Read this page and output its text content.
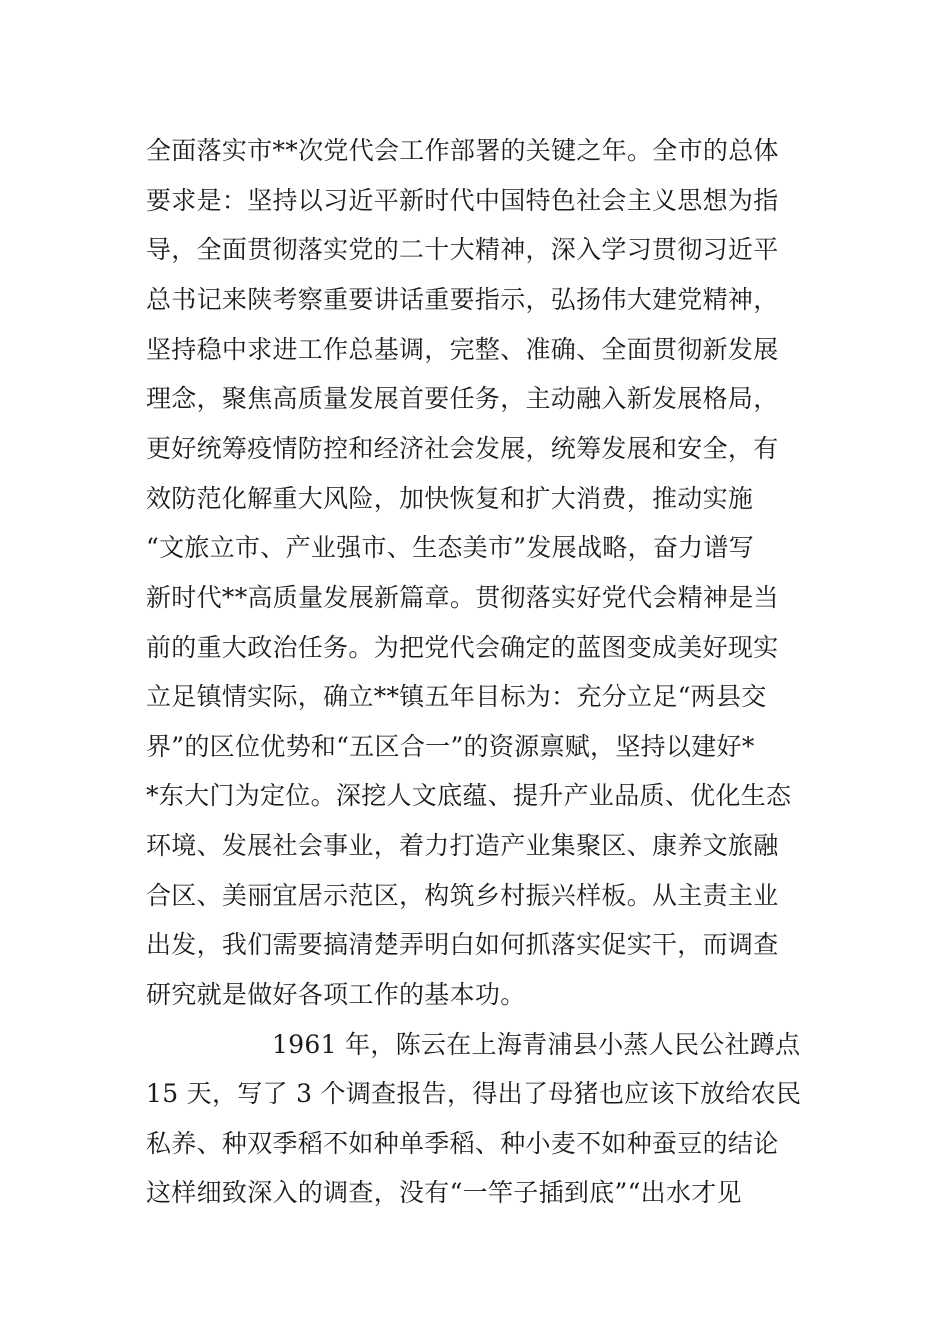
全面落实市**次党代会工作部署的关键之年。全市的总体
要求是：坚持以习近平新时代中国特色社会主义思想为指
导，全面贯彻落实党的二十大精神，深入学习贯彻习近平
总书记来陕考察重要讲话重要指示，弘扬伟大建党精神，
坚持稳中求进工作总基调，完整、准确、全面贯彻新发展
理念，聚焦高质量发展首要任务，主动融入新发展格局，
更好统筹疫情防控和经济社会发展，统筹发展和安全，有
效防范化解重大风险，加快恢复和扩大消费，推动实施
“文旅立市、产业强市、生态美市”发展战略，奋力谱写
新时代**高质量发展新篇章。贯彻落实好党代会精神是当
前的重大政治任务。为把党代会确定的蓝图变成美好现实
立足镇情实际，确立**镇五年目标为：充分立足“两县交
界”的区位优势和“五区合一”的资源禀赋，坚持以建好*
*东大门为定位。深挖人文底蕴、提升产业品质、优化生态
环境、发展社会事业，着力打造产业集聚区、康养文旅融
合区、美丽宜居示范区，构筑乡村振兴样板。从主责主业
出发，我们需要搞清楚弄明白如何抓落实促实干，而调查
研究就是做好各项工作的基本功。
1961 年，陈云在上海青浦县小蒸人民公社蹲点
15 天，写了 3 个调查报告，得出了母猪也应该下放给农民
私养、种双季稻不如种单季稻、种小麦不如种蚕豆的结论
这样细致深入的调查，没有“一竿子插到底”“出水才见
